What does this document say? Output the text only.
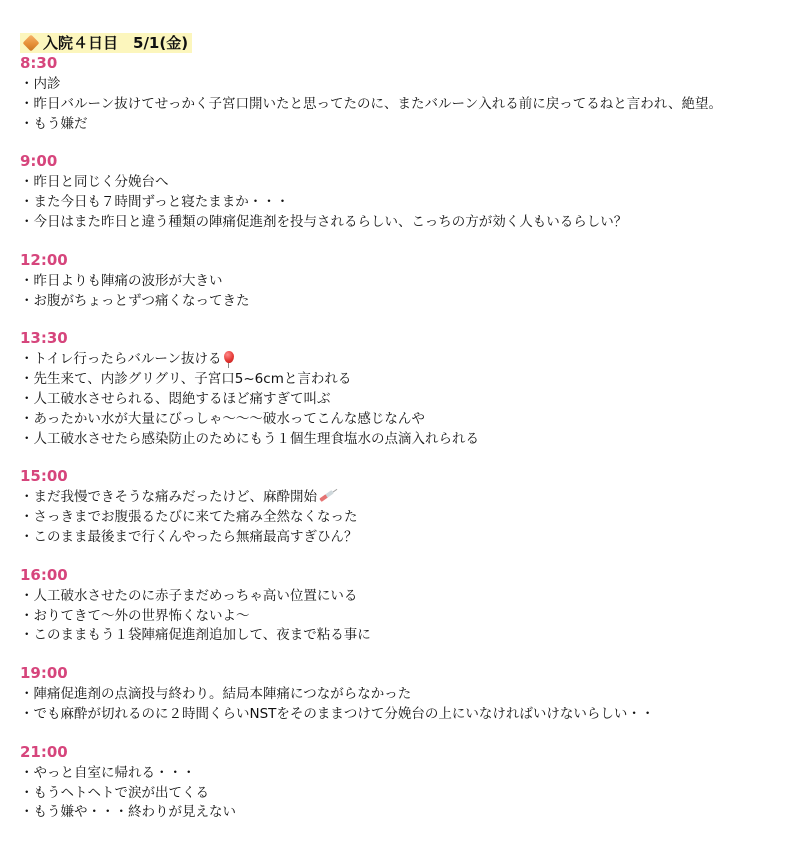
入院４日目　5/1(金)
8:30
・内診
・昨日バルーン抜けてせっかく子宮口開いたと思ってたのに、またバルーン入れる前に戻ってるねと言われ、絶望。
・もう嫌だ
9:00
・昨日と同じく分娩台へ
・また今日も７時間ずっと寝たままか・・・
・今日はまた昨日と違う種類の陣痛促進剤を投与されるらしい、こっちの方が効く人もいるらしい？
12:00
・昨日よりも陣痛の波形が大きい
・お腹がちょっとずつ痛くなってきた
13:30
・トイレ行ったらバルーン抜ける
・先生来て、内診グリグリ、子宮口5~6cmと言われる
・人工破水させられる、悶絶するほど痛すぎて叫ぶ
・あったかい水が大量にびっしゃ〜〜〜破水ってこんな感じなんや
・人工破水させたら感染防止のためにもう１個生理食塩水の点滴入れられる
15:00
・まだ我慢できそうな痛みだったけど、麻酔開始
・さっきまでお腹張るたびに来てた痛み全然なくなった
・このまま最後まで行くんやったら無痛最高すぎひん？
16:00
・人工破水させたのに赤子まだめっちゃ高い位置にいる
・おりてきて〜外の世界怖くないよ〜
・このままもう１袋陣痛促進剤追加して、夜まで粘る事に
19:00
・陣痛促進剤の点滴投与終わり。結局本陣痛につながらなかった
・でも麻酔が切れるのに２時間くらいNSTをそのままつけて分娩台の上にいなければいけないらしい・・
21:00
・やっと自室に帰れる・・・
・もうヘトヘトで涙が出てくる
・もう嫌や・・・終わりが見えない
